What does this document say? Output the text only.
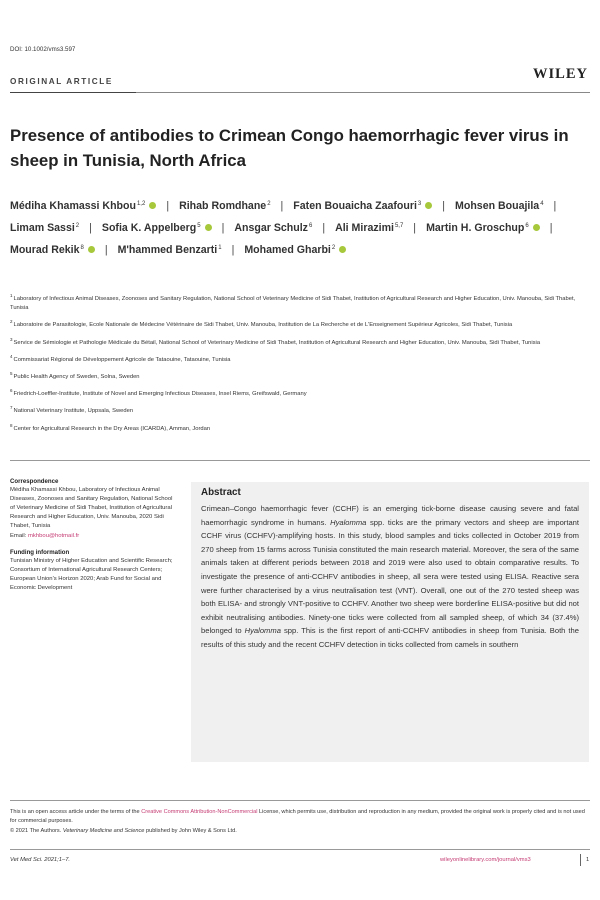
DOI: 10.1002/vms3.597
WILEY
ORIGINAL ARTICLE
Presence of antibodies to Crimean Congo haemorrhagic fever virus in sheep in Tunisia, North Africa
Médiha Khamassi Khbou$^{1,2}$ | Rihab Romdhane$^2$ | Faten Bouaicha Zaafouri$^3$ | Mohsen Bouajila$^4$ |Limam Sassi$^2$ | Sofia K. Appelberg$^5$ | Ansgar Schulz$^6$ | Ali Mirazimi$^{5,7}$ | Martin H. Groschup$^6$ |Mourad Rekik$^8$ | M'hammed Benzarti$^1$ | Mohamed Gharbi$^2$
$^1$Laboratory of Infectious Animal Diseases, Zoonoses and Sanitary Regulation, National School of Veterinary Medicine of Sidi Thabet, Institution of Agricultural Research and Higher Education, Univ. Manouba, Sidi Thabet, Tunisia
$^2$Laboratoire de Parasitologie, Ecole Nationale de Médecine Vétérinaire de Sidi Thabet, Univ. Manouba, Institution de La Recherche et de L'Enseignement Supérieur Agricoles, Sidi Thabet, Tunisia
$^3$Service de Sémiologie et Pathologie Médicale du Bétail, National School of Veterinary Medicine of Sidi Thabet, Institution of Agricultural Research and Higher Education, Univ. Manouba, Sidi Thabet, Tunisia
$^4$Commissariat Régional de Développement Agricole de Tataouine, Tataouine, Tunisia
$^5$Public Health Agency of Sweden, Solna, Sweden
$^6$Friedrich-Loeffler-Institute, Institute of Novel and Emerging Infectious Diseases, Insel Riems, Greifswald, Germany
$^7$National Veterinary Institute, Uppsala, Sweden
$^8$Center for Agricultural Research in the Dry Areas (ICARDA), Amman, Jordan
Correspondence

Médiha Khamassi Khbou, Laboratory of Infectious Animal Diseases, Zoonoses and Sanitary Regulation, National School of Veterinary Medicine of Sidi Thabet, Institution of Agricultural Research and Higher Education, Univ. Manouba, 2020 Sidi Thabet, Tunisia

Email: mkhbou@hotmail.fr

Funding information

Tunisian Ministry of Higher Education and Scientific Research; Consortium of International Agricultural Research Centers; European Union's Horizon 2020; Arab Fund for Social and Economic Development

Abstract

Crimean–Congo haemorrhagic fever (CCHF) is an emerging tick-borne disease causing severe and fatal haemorrhagic syndrome in humans. Hyalomma spp. ticks are the primary vectors and sheep are important CCHF virus (CCHFV)-amplifying hosts. In this study, blood samples and ticks collected in October 2019 from 270 sheep from 15 farms across Tunisia constituted the main research material. Moreover, the sera of the same animals taken at different periods between 2018 and 2019 were also used to obtain comparative results. To investigate the presence of anti-CCHFV antibodies in sheep, all sera were tested using ELISA. Reactive sera were further characterised by a virus neutralisation test (VNT). Overall, one out of the 270 tested sheep was both ELISA- and strongly VNT-positive to CCHFV. Another two sheep were borderline ELISA-positive but did not exhibit neutralising antibodies. Ninety-one ticks were collected from all sampled sheep, of which 34 (37.4%) belonged to Hyalomma spp. This is the first report of anti-CCHFV antibodies in sheep from Tunisia. Both the results of this study and the recent CCHFV detection in ticks collected from camels in southern

This is an open access article under the terms of the Creative Commons Attribution-NonCommercial License, which permits use, distribution and reproduction in any medium, provided the original work is properly cited and is not used for commercial purposes.
© 2021 The Authors. Veterinary Medicine and Science published by John Wiley & Sons Ltd.
Vet Med Sci. 2021;1–7.	wileyonlinelibrary.com/journal/vms3	1
